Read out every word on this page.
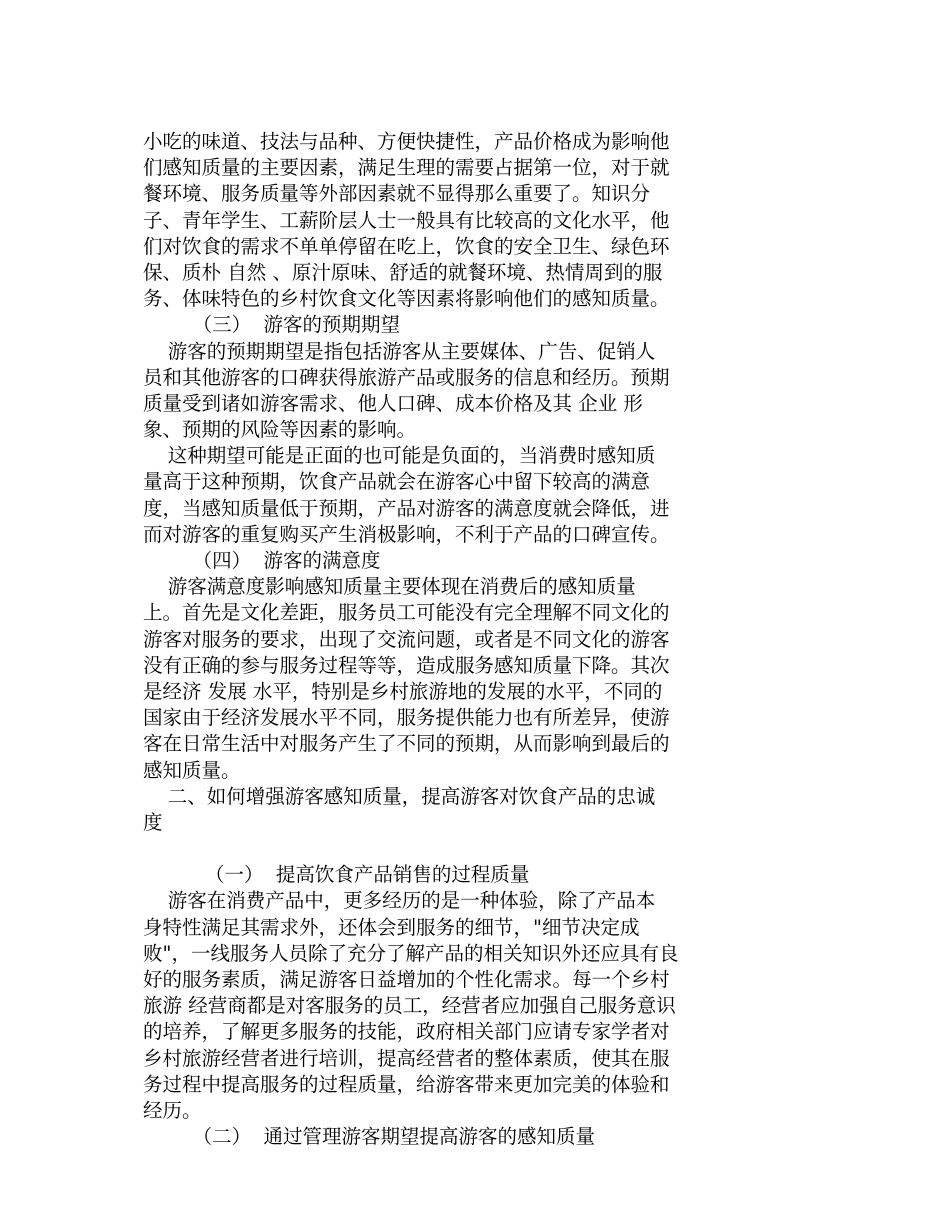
小吃的味道、技法与品种、方便快捷性，产品价格成为影响他
们感知质量的主要因素，满足生理的需要占据第一位，对于就
餐环境、服务质量等外部因素就不显得那么重要了。知识分
子、青年学生、工薪阶层人士一般具有比较高的文化水平，他
们对饮食的需求不单单停留在吃上，饮食的安全卫生、绿色环
保、质朴 自然 、原汁原味、舒适的就餐环境、热情周到的服
务、体味特色的乡村饮食文化等因素将影响他们的感知质量。
（三）  游客的预期期望
游客的预期期望是指包括游客从主要媒体、广告、促销人
员和其他游客的口碑获得旅游产品或服务的信息和经历。预期
质量受到诸如游客需求、他人口碑、成本价格及其 企业 形
象、预期的风险等因素的影响。
这种期望可能是正面的也可能是负面的，当消费时感知质
量高于这种预期，饮食产品就会在游客心中留下较高的满意
度，当感知质量低于预期，产品对游客的满意度就会降低，进
而对游客的重复购买产生消极影响，不利于产品的口碑宣传。
（四）  游客的满意度
游客满意度影响感知质量主要体现在消费后的感知质量
上。首先是文化差距，服务员工可能没有完全理解不同文化的
游客对服务的要求，出现了交流问题，或者是不同文化的游客
没有正确的参与服务过程等等，造成服务感知质量下降。其次
是经济 发展 水平，特别是乡村旅游地的发展的水平，不同的
国家由于经济发展水平不同，服务提供能力也有所差异，使游
客在日常生活中对服务产生了不同的预期，从而影响到最后的
感知质量。
二、如何增强游客感知质量，提高游客对饮食产品的忠诚
度
（一）  提高饮食产品销售的过程质量
游客在消费产品中，更多经历的是一种体验，除了产品本
身特性满足其需求外，还体会到服务的细节，"细节决定成
败"，一线服务人员除了充分了解产品的相关知识外还应具有良
好的服务素质，满足游客日益增加的个性化需求。每一个乡村
旅游 经营商都是对客服务的员工，经营者应加强自己服务意识
的培养，了解更多服务的技能，政府相关部门应请专家学者对
乡村旅游经营者进行培训，提高经营者的整体素质，使其在服
务过程中提高服务的过程质量，给游客带来更加完美的体验和
经历。
（二）  通过管理游客期望提高游客的感知质量
